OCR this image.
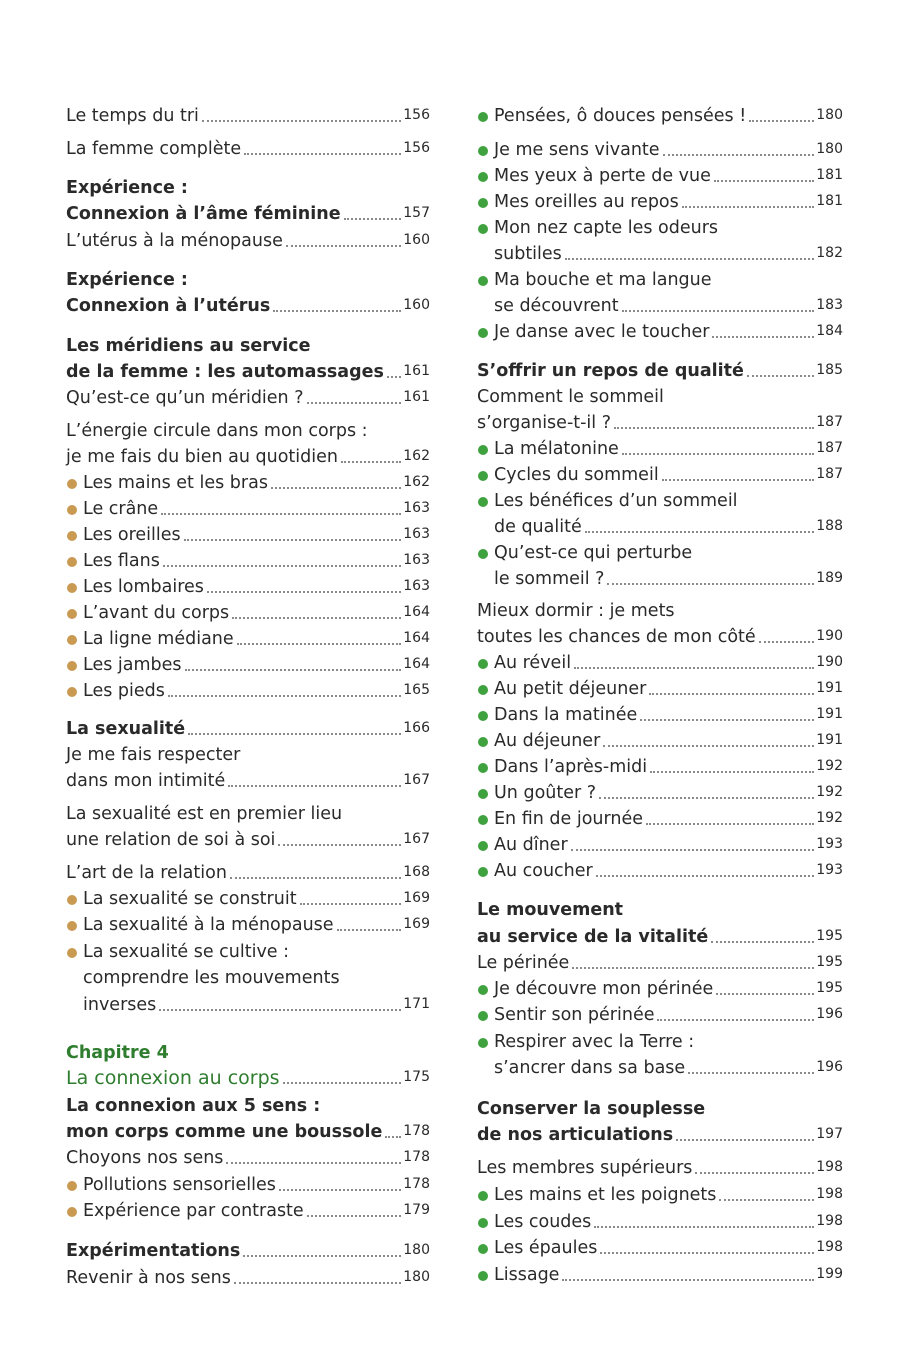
Le temps du tri	156
La femme complète	156
Expérience :
Connexion à l’âme féminine	157
L’utérus à la ménopause	160
Expérience :
Connexion à l’utérus	160
Les méridiens au service
de la femme : les automassages 161
Qu’est-ce qu’un méridien ?	161
L’énergie circule dans mon corps :
je me fais du bien au quotidien	162
Les mains et les bras	162
Le crâne	163
Les oreilles	163
Les flans	163
Les lombaires	163
L’avant du corps	164
La ligne médiane	164
Les jambes	164
Les pieds	165
La sexualité	166
Je me fais respecter
dans mon intimité	167
La sexualité est en premier lieu
une relation de soi à soi	167
L’art de la relation	168
La sexualité se construit	169
La sexualité à la ménopause	169
La sexualité se cultive :
comprendre les mouvements
inverses	171
Chapitre 4
La connexion au corps	175
La connexion aux 5 sens :
mon corps comme une boussole 178
Choyons nos sens	178
Pollutions sensorielles	178
Expérience par contraste	179
Expérimentations	180
Revenir à nos sens	180
Pensées, ô douces pensées !	180
Je me sens vivante	180
Mes yeux à perte de vue	181
Mes oreilles au repos	181
Mon nez capte les odeurs
subtiles	182
Ma bouche et ma langue
se découvrent	183
Je danse avec le toucher	184
S’offrir un repos de qualité	185
Comment le sommeil
s’organise-t-il ?	187
La mélatonine	187
Cycles du sommeil	187
Les bénéfices d’un sommeil
de qualité	188
Qu’est-ce qui perturbe
le sommeil ?	189
Mieux dormir : je mets
toutes les chances de mon côté	190
Au réveil	190
Au petit déjeuner	191
Dans la matinée	191
Au déjeuner	191
Dans l’après-midi	192
Un goûter ?	192
En fin de journée	192
Au dîner	193
Au coucher	193
Le mouvement
au service de la vitalité	195
Le périnée	195
Je découvre mon périnée	195
Sentir son périnée	196
Respirer avec la Terre :
s’ancrer dans sa base	196
Conserver la souplesse
de nos articulations	197
Les membres supérieurs	198
Les mains et les poignets	198
Les coudes	198
Les épaules	198
Lissage	199
